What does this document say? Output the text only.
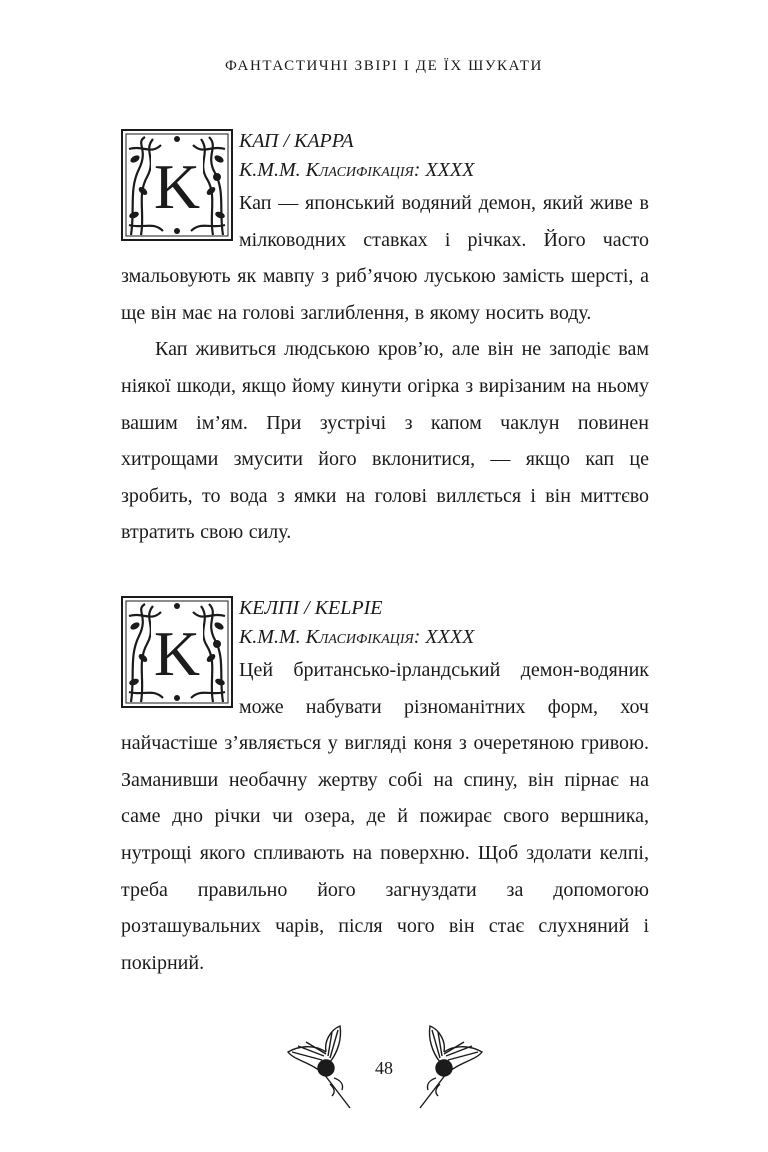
ФАНТАСТИЧНІ ЗВІРІ І ДЕ ЇХ ШУКАТИ
K
КАП / KAPPA
К.М.М. Класифікація: XXXX

Кап — японський водяний демон, який живе в мілководних ставках і річках. Його часто змальовують як мавпу з риб’ячою луською замість шерсті, а ще він має на голові заглиблення, в якому носить воду.

Кап живиться людською кров’ю, але він не заподіє вам ніякої шкоди, якщо йому кинути огірка з вирізаним на ньому вашим ім’ям. При зустрічі з капом чаклун повинен хитрощами змусити його вклонитися, — якщо кап це зробить, то вода з ямки на голові виллється і він миттєво втратить свою силу.

K
КЕЛПІ / KELPIE
К.М.М. Класифікація: XXXX

Цей британсько-ірландський демон-водяник може набувати різноманітних форм, хоч найчастіше з’являється у вигляді коня з очеретяною гривою. Заманивши необачну жертву собі на спину, він пірнає на саме дно річки чи озера, де й пожирає свого вершника, нутрощі якого спливають на поверхню. Щоб здолати келпі, треба правильно його загнуздати за допомогою розташувальних чарів, після чого він стає слухняний і покірний.

48
